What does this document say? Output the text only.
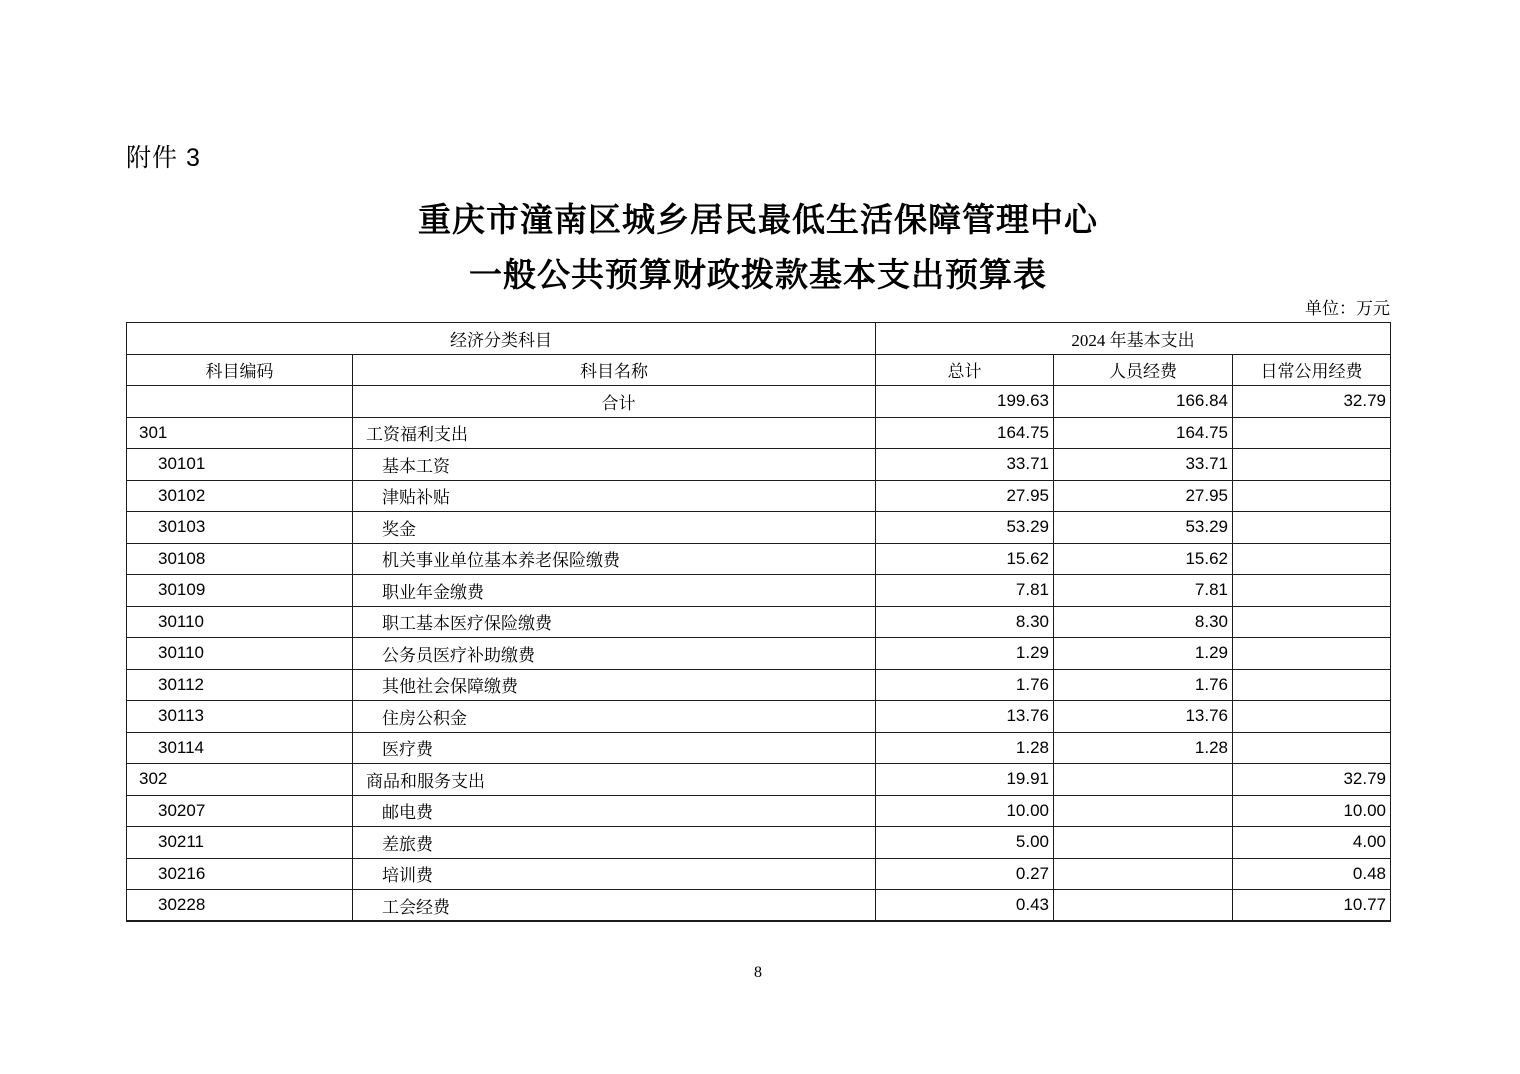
附件 3
重庆市潼南区城乡居民最低生活保障管理中心
一般公共预算财政拨款基本支出预算表
单位：万元
经济分类科目		2024 年基本支出		
科目编码	科目名称	总计	人员经费	日常公用经费
	合计	199.63	166.84	32.79
301	工资福利支出	164.75	164.75	
30101	基本工资	33.71	33.71	
30102	津贴补贴	27.95	27.95	
30103	奖金	53.29	53.29	
30108	机关事业单位基本养老保险缴费	15.62	15.62	
30109	职业年金缴费	7.81	7.81	
30110	职工基本医疗保险缴费	8.30	8.30	
30110	公务员医疗补助缴费	1.29	1.29	
30112	其他社会保障缴费	1.76	1.76	
30113	住房公积金	13.76	13.76	
30114	医疗费	1.28	1.28	
302	商品和服务支出	19.91		32.79
30207	邮电费	10.00		10.00
30211	差旅费	5.00		4.00
30216	培训费	0.27		0.48
30228	工会经费	0.43		10.77
8
